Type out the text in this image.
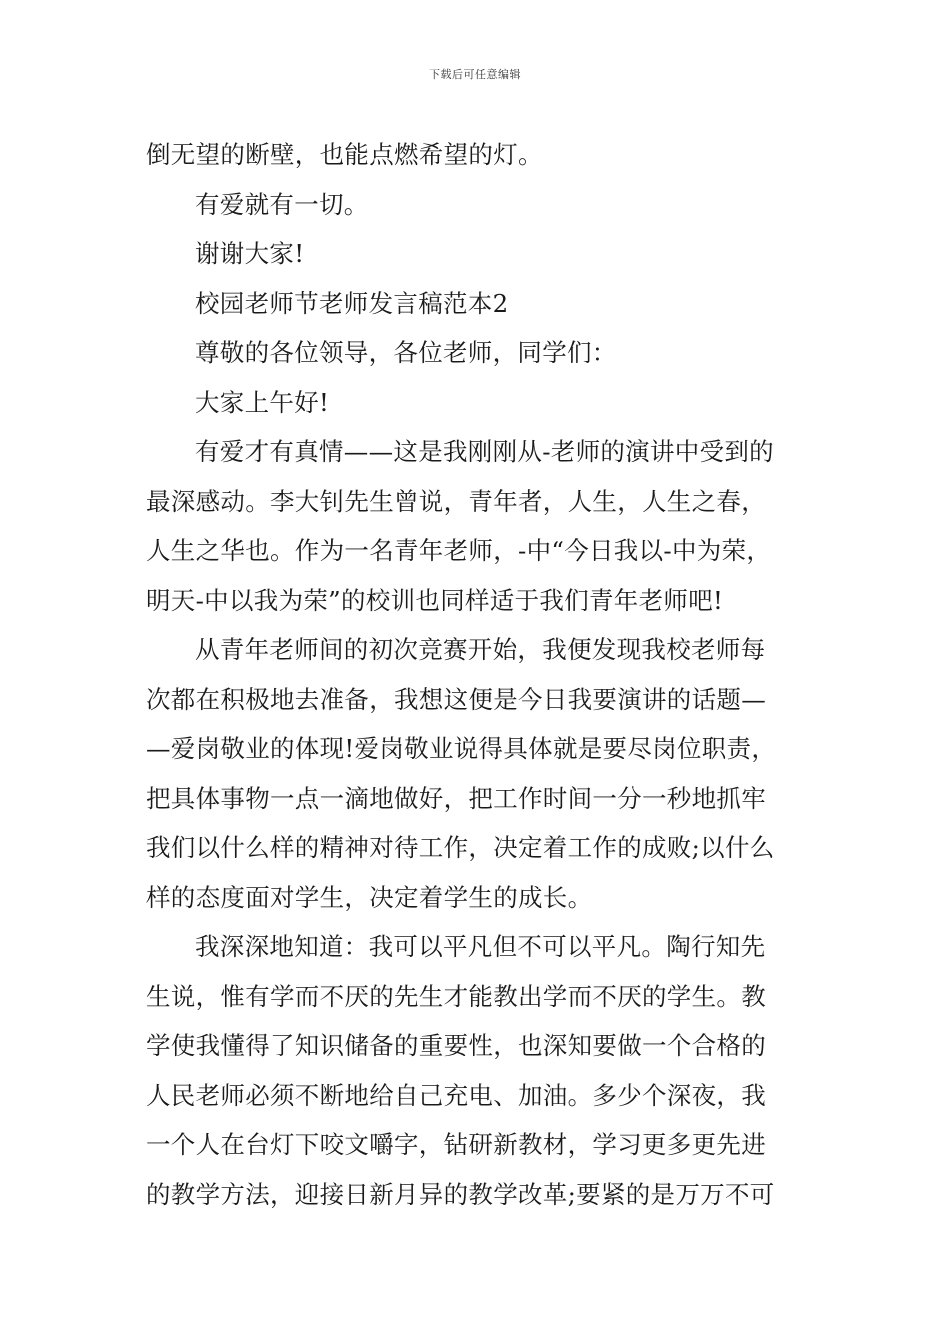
下载后可任意编辑
倒无望的断壁，也能点燃希望的灯。
有爱就有一切。
谢谢大家!
校园老师节老师发言稿范本2
尊敬的各位领导，各位老师，同学们：
大家上午好!
有爱才有真情——这是我刚刚从-老师的演讲中受到的
最深感动。李大钊先生曾说，青年者，人生，人生之春，
人生之华也。作为一名青年老师，-中“今日我以-中为荣，
明天-中以我为荣”的校训也同样适于我们青年老师吧!
从青年老师间的初次竞赛开始，我便发现我校老师每
次都在积极地去准备，我想这便是今日我要演讲的话题—
—爱岗敬业的体现!爱岗敬业说得具体就是要尽岗位职责，
把具体事物一点一滴地做好，把工作时间一分一秒地抓牢
我们以什么样的精神对待工作，决定着工作的成败;以什么
样的态度面对学生，决定着学生的成长。
我深深地知道：我可以平凡但不可以平凡。陶行知先
生说，惟有学而不厌的先生才能教出学而不厌的学生。教
学使我懂得了知识储备的重要性，也深知要做一个合格的
人民老师必须不断地给自己充电、加油。多少个深夜，我
一个人在台灯下咬文嚼字，钻研新教材，学习更多更先进
的教学方法，迎接日新月异的教学改革;要紧的是万万不可
